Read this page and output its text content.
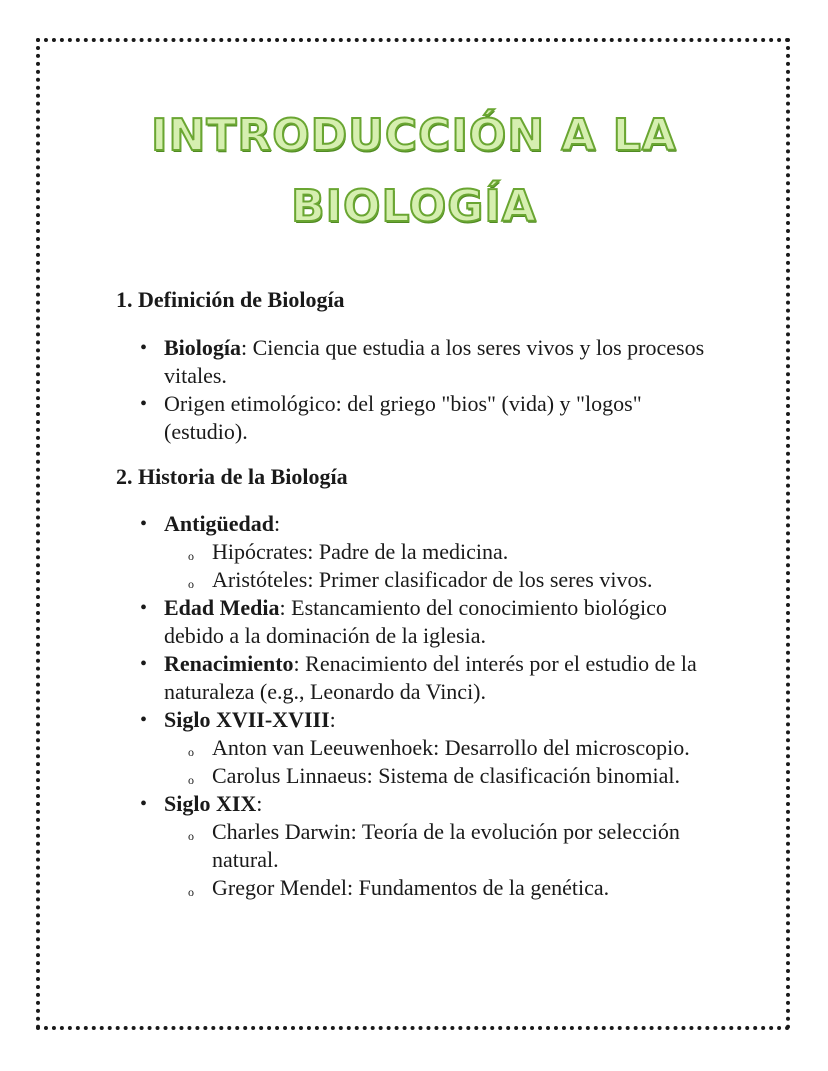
INTRODUCCIÓN A LA
BIOLOGÍA
1. Definición de Biología
• Biología: Ciencia que estudia a los seres vivos y los procesos vitales.
• Origen etimológico: del griego "bios" (vida) y "logos" (estudio).
2. Historia de la Biología
• Antigüedad:
o Hipócrates: Padre de la medicina.
o Aristóteles: Primer clasificador de los seres vivos.
• Edad Media: Estancamiento del conocimiento biológico debido a la dominación de la iglesia.
• Renacimiento: Renacimiento del interés por el estudio de la naturaleza (e.g., Leonardo da Vinci).
• Siglo XVII-XVIII:
o Anton van Leeuwenhoek: Desarrollo del microscopio.
o Carolus Linnaeus: Sistema de clasificación binomial.
• Siglo XIX:
o Charles Darwin: Teoría de la evolución por selección natural.
o Gregor Mendel: Fundamentos de la genética.
